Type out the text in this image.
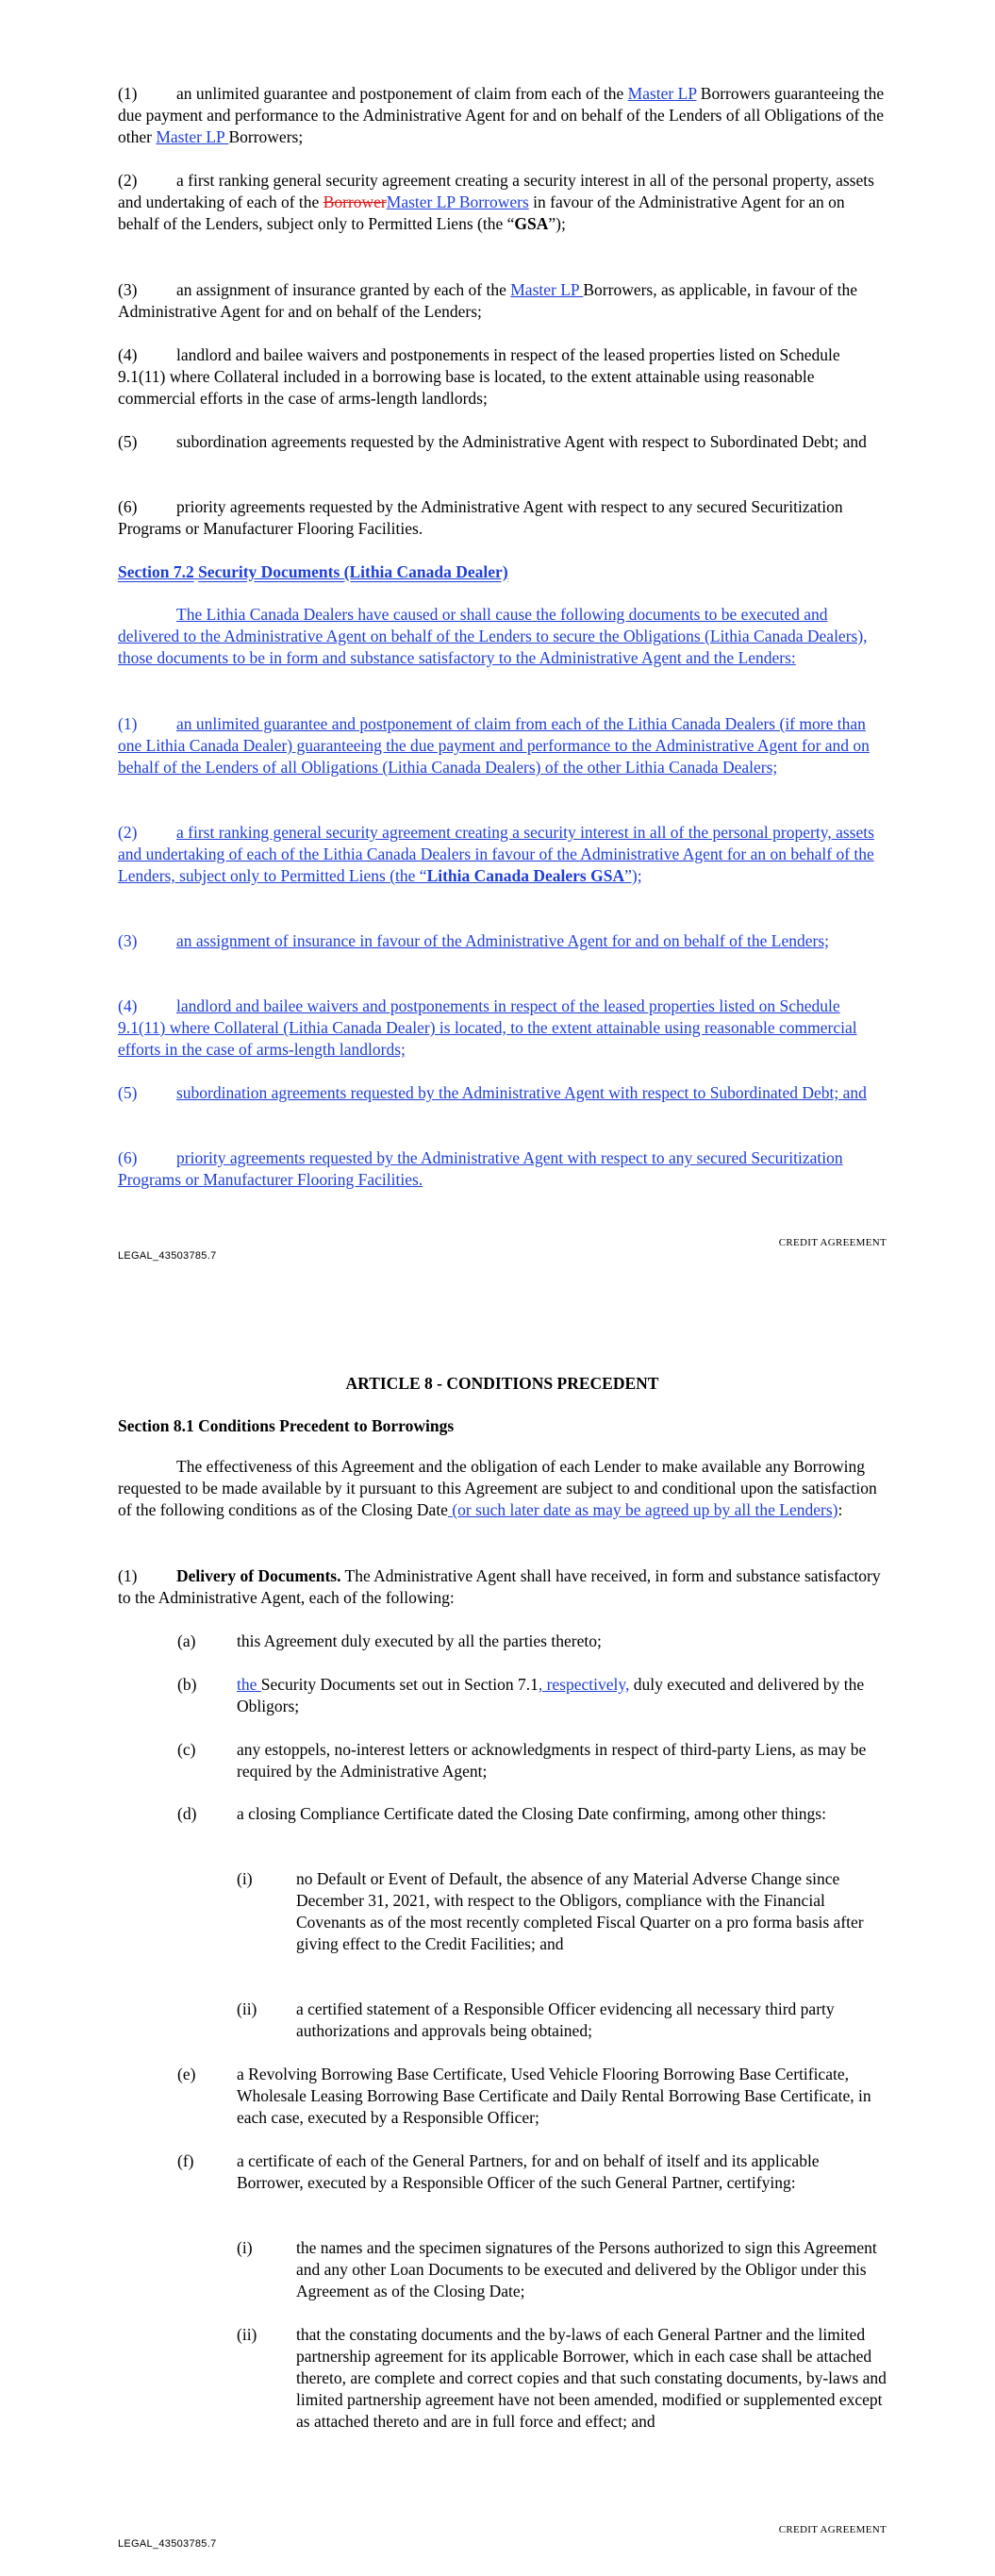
(1) an unlimited guarantee and postponement of claim from each of the Master LP Borrowers guaranteeing the due payment and performance to the Administrative Agent for and on behalf of the Lenders of all Obligations of the other Master LP Borrowers;

(2) a first ranking general security agreement creating a security interest in all of the personal property, assets and undertaking of each of the BorrowerMaster LP Borrowers in favour of the Administrative Agent for an on behalf of the Lenders, subject only to Permitted Liens (the “GSA”);

(3) an assignment of insurance granted by each of the Master LP Borrowers, as applicable, in favour of the Administrative Agent for and on behalf of the Lenders;

(4) landlord and bailee waivers and postponements in respect of the leased properties listed on Schedule 9.1(11) where Collateral included in a borrowing base is located, to the extent attainable using reasonable commercial efforts in the case of arms-length landlords;

(5) subordination agreements requested by the Administrative Agent with respect to Subordinated Debt; and

(6) priority agreements requested by the Administrative Agent with respect to any secured Securitization Programs or Manufacturer Flooring Facilities.

Section 7.2 Security Documents (Lithia Canada Dealer)

The Lithia Canada Dealers have caused or shall cause the following documents to be executed and delivered to the Administrative Agent on behalf of the Lenders to secure the Obligations (Lithia Canada Dealers), those documents to be in form and substance satisfactory to the Administrative Agent and the Lenders:

(1) an unlimited guarantee and postponement of claim from each of the Lithia Canada Dealers (if more than one Lithia Canada Dealer) guaranteeing the due payment and performance to the Administrative Agent for and on behalf of the Lenders of all Obligations (Lithia Canada Dealers) of the other Lithia Canada Dealers;

(2) a first ranking general security agreement creating a security interest in all of the personal property, assets and undertaking of each of the Lithia Canada Dealers in favour of the Administrative Agent for an on behalf of the Lenders, subject only to Permitted Liens (the “Lithia Canada Dealers GSA”);

(3) an assignment of insurance in favour of the Administrative Agent for and on behalf of the Lenders;

(4) landlord and bailee waivers and postponements in respect of the leased properties listed on Schedule 9.1(11) where Collateral (Lithia Canada Dealer) is located, to the extent attainable using reasonable commercial efforts in the case of arms-length landlords;

(5) subordination agreements requested by the Administrative Agent with respect to Subordinated Debt; and

(6) priority agreements requested by the Administrative Agent with respect to any secured Securitization Programs or Manufacturer Flooring Facilities.

CREDIT AGREEMENT
LEGAL_43503785.7
ARTICLE 8 - CONDITIONS PRECEDENT

Section 8.1 Conditions Precedent to Borrowings

The effectiveness of this Agreement and the obligation of each Lender to make available any Borrowing requested to be made available by it pursuant to this Agreement are subject to and conditional upon the satisfaction of the following conditions as of the Closing Date (or such later date as may be agreed up by all the Lenders):

(1) Delivery of Documents. The Administrative Agent shall have received, in form and substance satisfactory to the Administrative Agent, each of the following:

(a) this Agreement duly executed by all the parties thereto;

(b) the Security Documents set out in Section 7.1, respectively, duly executed and delivered by the Obligors;

(c) any estoppels, no-interest letters or acknowledgments in respect of third-party Liens, as may be required by the Administrative Agent;

(d) a closing Compliance Certificate dated the Closing Date confirming, among other things:

(i)	no Default or Event of Default, the absence of any Material Adverse Change since December 31, 2021, with respect to the Obligors, compliance with the Financial Covenants as of the most recently completed Fiscal Quarter on a pro forma basis after giving effect to the Credit Facilities; and

(ii) a certified statement of a Responsible Officer evidencing all necessary third party authorizations and approvals being obtained;

(e) a Revolving Borrowing Base Certificate, Used Vehicle Flooring Borrowing Base Certificate, Wholesale Leasing Borrowing Base Certificate and Daily Rental Borrowing Base Certificate, in each case, executed by a Responsible Officer;

(f)	a certificate of each of the General Partners, for and on behalf of itself and its applicable Borrower, executed by a Responsible Officer of the such General Partner, certifying:

(i)	the names and the specimen signatures of the Persons authorized to sign this Agreement and any other Loan Documents to be executed and delivered by the Obligor under this Agreement as of the Closing Date;

(ii) that the constating documents and the by-laws of each General Partner and the limited partnership agreement for its applicable Borrower, which in each case shall be attached thereto, are complete and correct copies and that such constating documents, by-laws and limited partnership agreement have not been amended, modified or supplemented except as attached thereto and are in full force and effect; and

CREDIT AGREEMENT
LEGAL_43503785.7
